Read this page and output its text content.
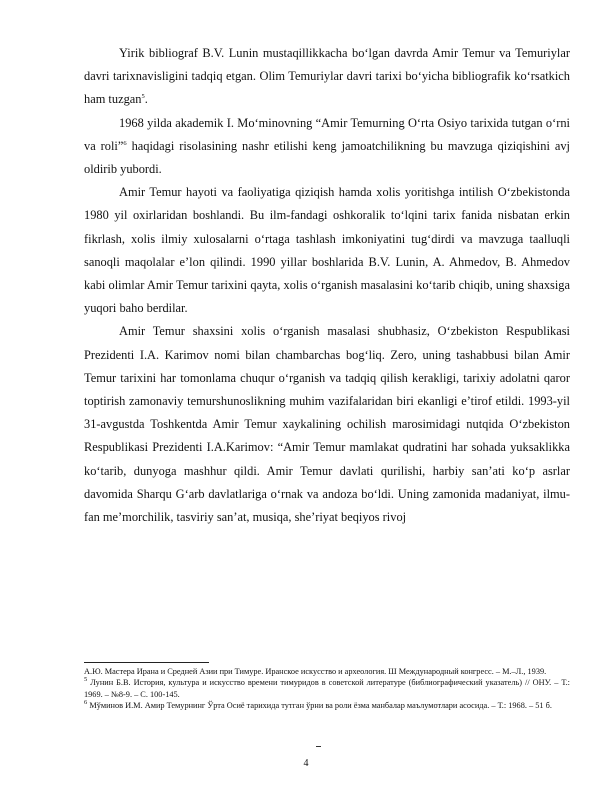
Yirik bibliograf B.V. Lunin mustaqillikkacha bo‘lgan davrda Amir Temur va Temuriylar davri tarixnavisligini tadqiq etgan. Olim Temuriylar davri tarixi bo‘yicha bibliografik ko‘rsatkich ham tuzgan$^5$.

1968 yilda akademik I. Mo‘minovning “Amir Temurning O‘rta Osiyo tarixida tutgan o‘rni va roli”$^6$ haqidagi risolasining nashr etilishi keng jamoatchilikning bu mavzuga qiziqishini avj oldirib yubordi.

Amir Temur hayoti va faoliyatiga qiziqish hamda xolis yoritishga intilish O‘zbekistonda 1980 yil oxirlaridan boshlandi. Bu ilm-fandagi oshkoralik to‘lqini tarix fanida nisbatan erkin fikrlash, xolis ilmiy xulosalarni o‘rtaga tashlash imkoniyatini tug‘dirdi va mavzuga taalluqli sanoqli maqolalar e’lon qilindi. 1990 yillar boshlarida B.V. Lunin, A. Ahmedov, B. Ahmedov kabi olimlar Amir Temur tarixini qayta, xolis o‘rganish masalasini ko‘tarib chiqib, uning shaxsiga yuqori baho berdilar.

Amir Temur shaxsini xolis o‘rganish masalasi shubhasiz, O‘zbekiston Respublikasi Prezidenti I.A. Karimov nomi bilan chambarchas bog‘liq. Zero, uning tashabbusi bilan Amir Temur tarixini har tomonlama chuqur o‘rganish va tadqiq qilish kerakligi, tarixiy adolatni qaror toptirish zamonaviy temurshunoslikning muhim vazifalaridan biri ekanligi e’tirof etildi. 1993-yil 31-avgustda Toshkentda Amir Temur xaykalining ochilish marosimidagi nutqida O‘zbekiston Respublikasi Prezidenti I.A.Karimov: “Amir Temur mamlakat qudratini har sohada yuksaklikka ko‘tarib, dunyoga mashhur qildi. Amir Temur davlati qurilishi, harbiy san’ati ko‘p asrlar davomida Sharqu G‘arb davlatlariga o‘rnak va andoza bo‘ldi. Uning zamonida madaniyat, ilmu-fan me’morchilik, tasviriy san’at, musiqa, she’riyat beqiyos rivoj

А.Ю. Мастера Ирана и Средней Азии при Тимуре. Иранское искусство и археология. Ш Международный конгресс. – М.–Л., 1939.

$^5$ Лунин Б.В. История, культура и искусство времени тимуридов в советской литературе (библиографический указатель) // ОНУ. – Т.: 1969. – №8-9. – С. 100-145.

$^6$ Мўминов И.М. Амир Темурнинг Ўрта Осиё тарихида тутган ўрни ва роли ёзма манбалар маълумотлари асосида. – Т.: 1968. – 51 б.

4
